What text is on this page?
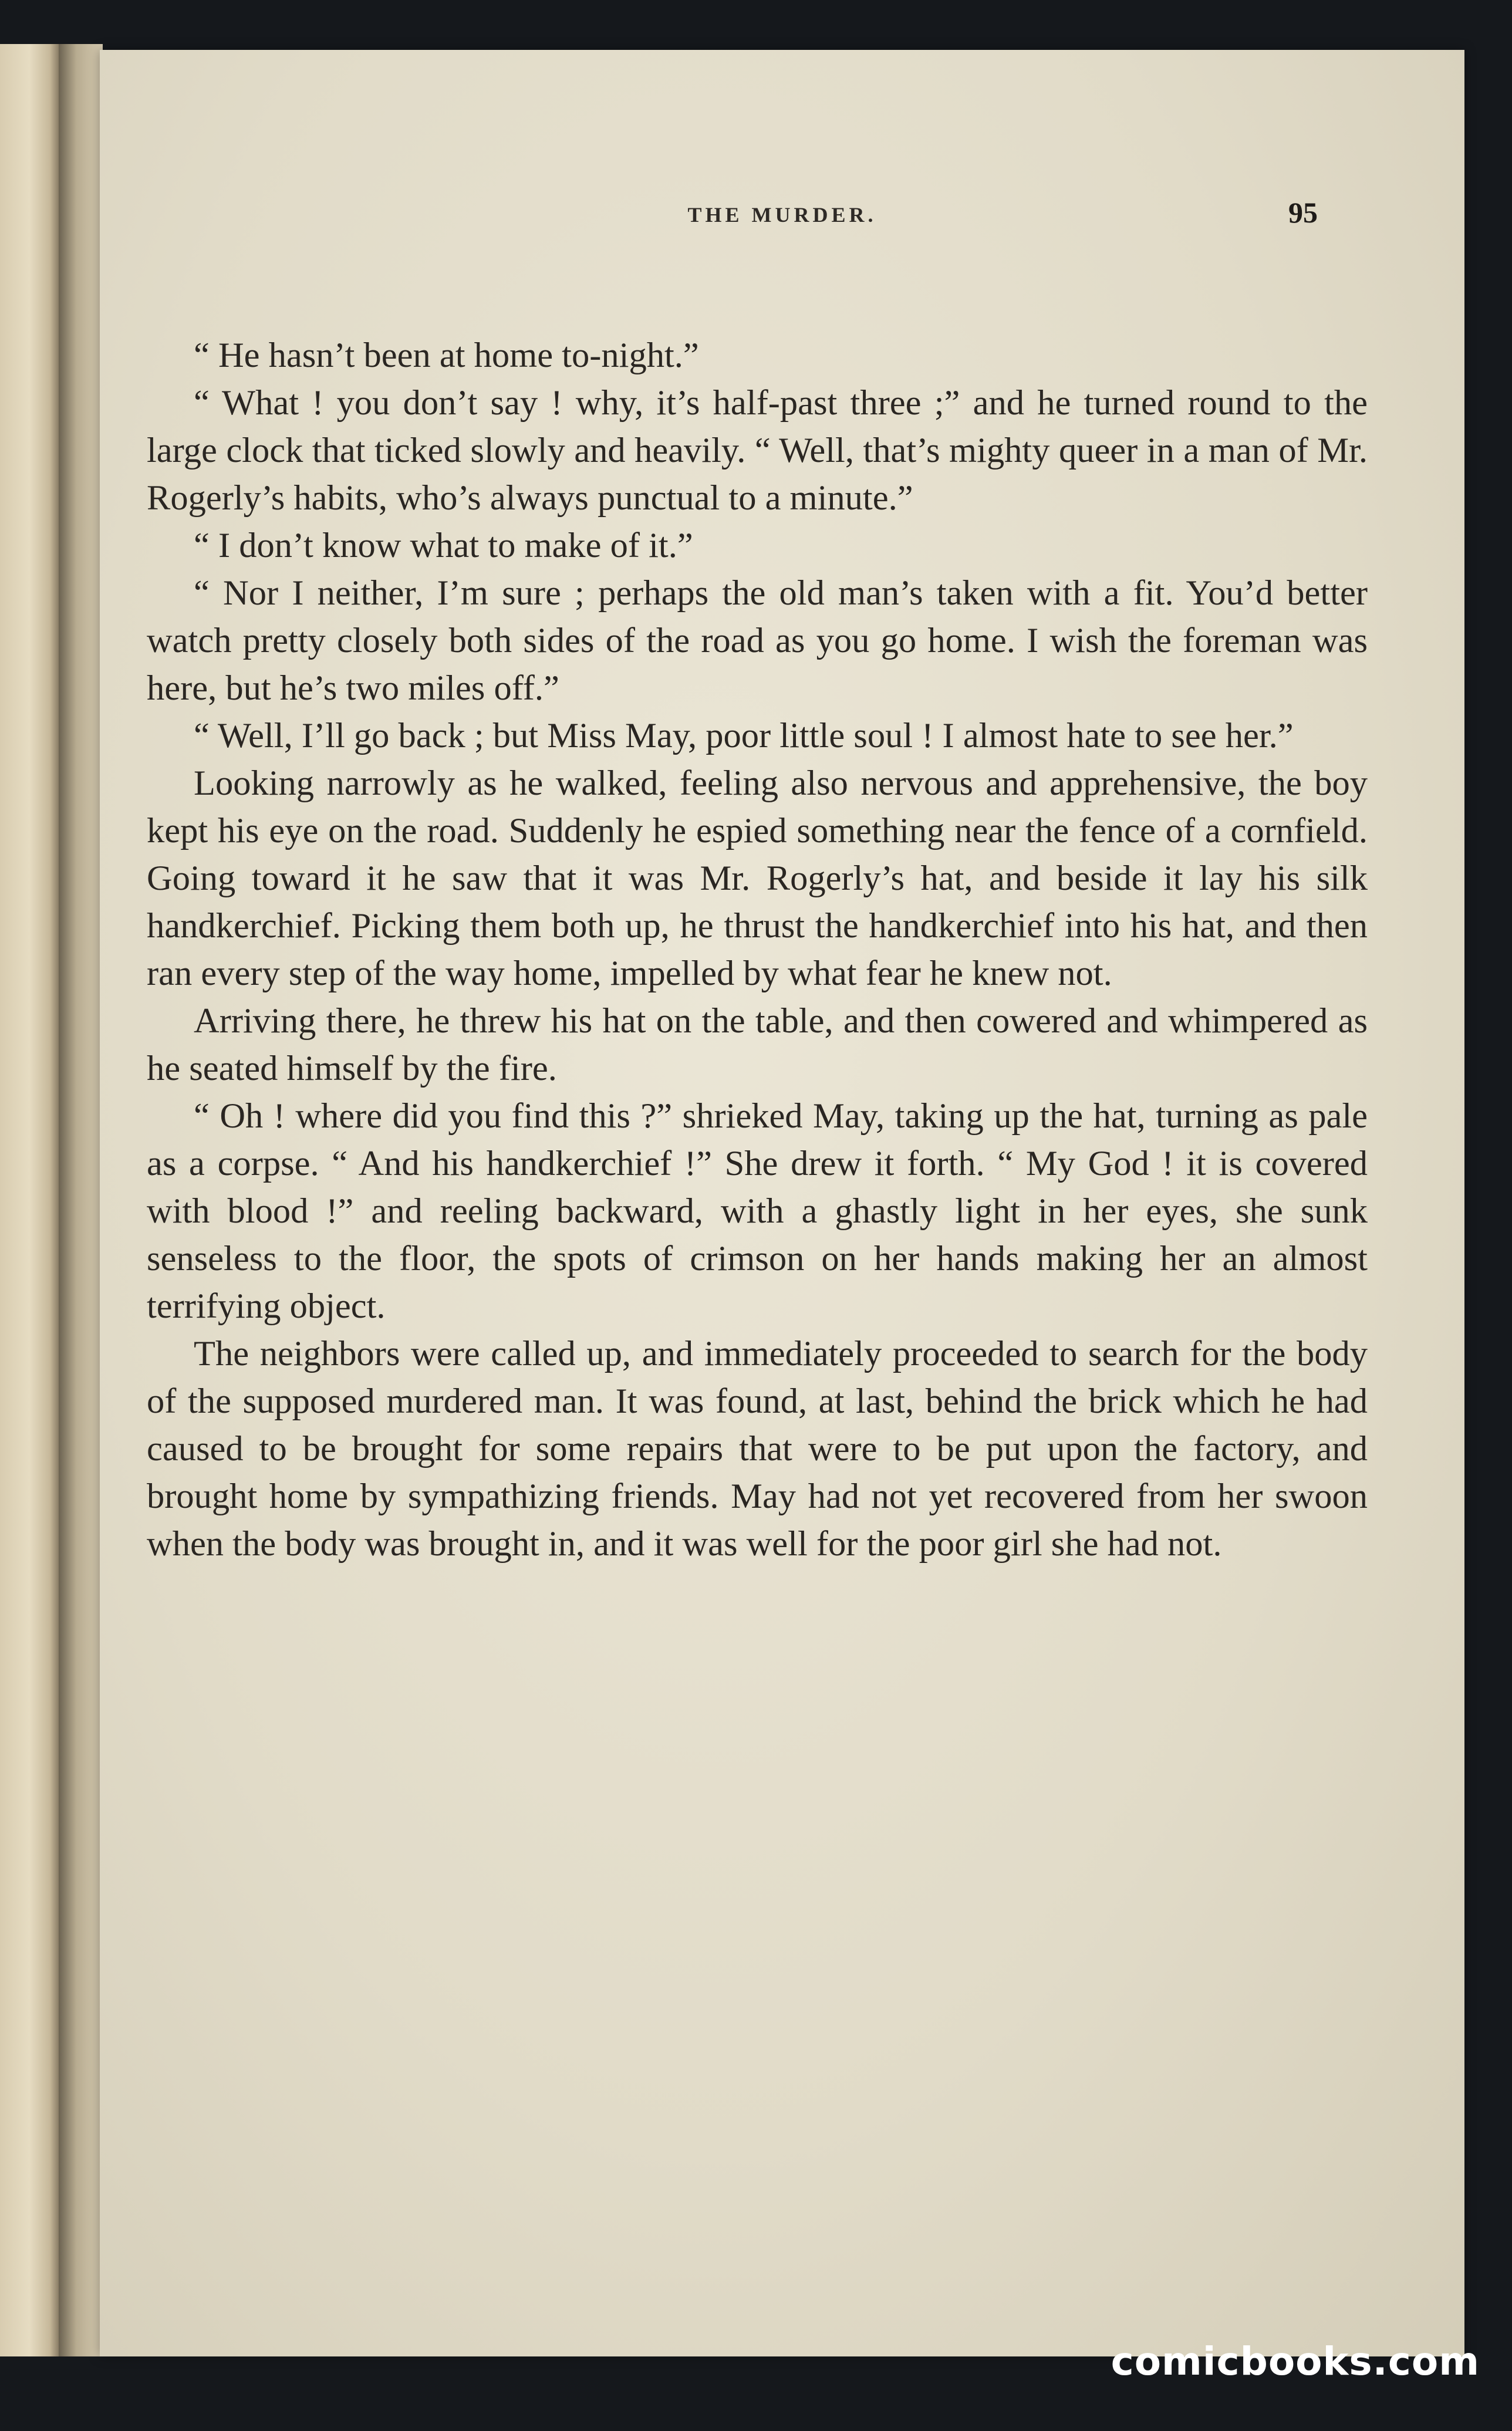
THE MURDER.	95

“ He hasn’t been at home to-night.”

“ What ! you don’t say ! why, it’s half-past three ;” and he turned round to the large clock that ticked slowly and heavily. “ Well, that’s mighty queer in a man of Mr. Rogerly’s habits, who’s always punctual to a minute.”

“ I don’t know what to make of it.”

“ Nor I neither, I’m sure ; perhaps the old man’s taken with a fit. You’d better watch pretty closely both sides of the road as you go home. I wish the foreman was here, but he’s two miles off.”

“ Well, I’ll go back ; but Miss May, poor little soul ! I almost hate to see her.”

Looking narrowly as he walked, feeling also nervous and apprehensive, the boy kept his eye on the road. Suddenly he espied something near the fence of a cornfield. Going toward it he saw that it was Mr. Rogerly’s hat, and beside it lay his silk handkerchief. Picking them both up, he thrust the handkerchief into his hat, and then ran every step of the way home, impelled by what fear he knew not.

Arriving there, he threw his hat on the table, and then cowered and whimpered as he seated himself by the fire.

“ Oh ! where did you find this ?” shrieked May, taking up the hat, turning as pale as a corpse. “ And his handkerchief !” She drew it forth. “ My God ! it is covered with blood !” and reeling backward, with a ghastly light in her eyes, she sunk senseless to the floor, the spots of crimson on her hands making her an almost terrifying object.

The neighbors were called up, and immediately proceeded to search for the body of the supposed murdered man. It was found, at last, behind the brick which he had caused to be brought for some repairs that were to be put upon the factory, and brought home by sympathizing friends. May had not yet recovered from her swoon when the body was brought in, and it was well for the poor girl she had not.

comicbooks.com
